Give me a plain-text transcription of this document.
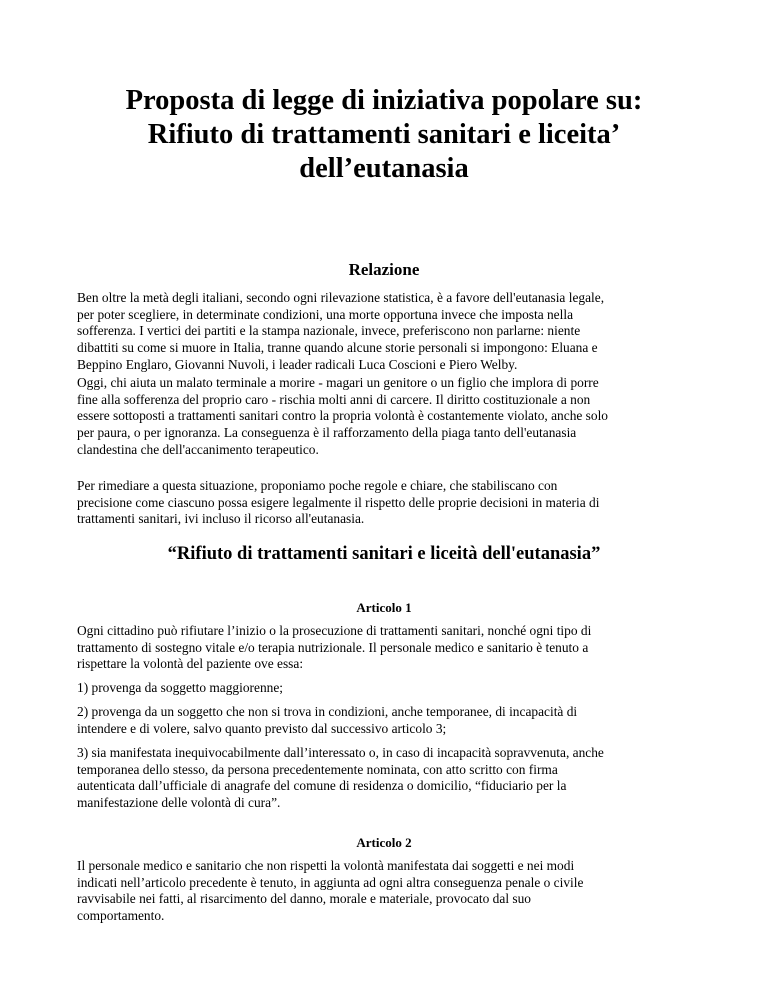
Proposta di legge di iniziativa popolare su:
Rifiuto di trattamenti sanitari e liceita’
dell’eutanasia
Relazione
Ben oltre la metà degli italiani, secondo ogni rilevazione statistica, è a favore dell'eutanasia legale,
per poter scegliere, in determinate condizioni, una morte opportuna invece che imposta nella
sofferenza. I vertici dei partiti e la stampa nazionale, invece, preferiscono non parlarne: niente
dibattiti su come si muore in Italia, tranne quando alcune storie personali si impongono: Eluana e
Beppino Englaro, Giovanni Nuvoli, i leader radicali Luca Coscioni e Piero Welby.
Oggi, chi aiuta un malato terminale a morire - magari un genitore o un figlio che implora di porre
fine alla sofferenza del proprio caro - rischia molti anni di carcere. Il diritto costituzionale a non
essere sottoposti a trattamenti sanitari contro la propria volontà è costantemente violato, anche solo
per paura, o per ignoranza. La conseguenza è il rafforzamento della piaga tanto dell'eutanasia
clandestina che dell'accanimento terapeutico.
Per rimediare a questa situazione, proponiamo poche regole e chiare, che stabiliscano con
precisione come ciascuno possa esigere legalmente il rispetto delle proprie decisioni in materia di
trattamenti sanitari, ivi incluso il ricorso all'eutanasia.
“Rifiuto di trattamenti sanitari e liceità dell'eutanasia”
Articolo 1
Ogni cittadino può rifiutare l’inizio o la prosecuzione di trattamenti sanitari, nonché ogni tipo di
trattamento di sostegno vitale e/o terapia nutrizionale. Il personale medico e sanitario è tenuto a
rispettare la volontà del paziente ove essa:
1) provenga da soggetto maggiorenne;
2) provenga da un soggetto che non si trova in condizioni, anche temporanee, di incapacità di
intendere e di volere, salvo quanto previsto dal successivo articolo 3;
3) sia manifestata inequivocabilmente dall’interessato o, in caso di incapacità sopravvenuta, anche
temporanea dello stesso, da persona precedentemente nominata, con atto scritto con firma
autenticata dall’ufficiale di anagrafe del comune di residenza o domicilio, “fiduciario per la
manifestazione delle volontà di cura”.
Articolo 2
Il personale medico e sanitario che non rispetti la volontà manifestata dai soggetti e nei modi
indicati nell’articolo precedente è tenuto, in aggiunta ad ogni altra conseguenza penale o civile
ravvisabile nei fatti, al risarcimento del danno, morale e materiale, provocato dal suo
comportamento.
